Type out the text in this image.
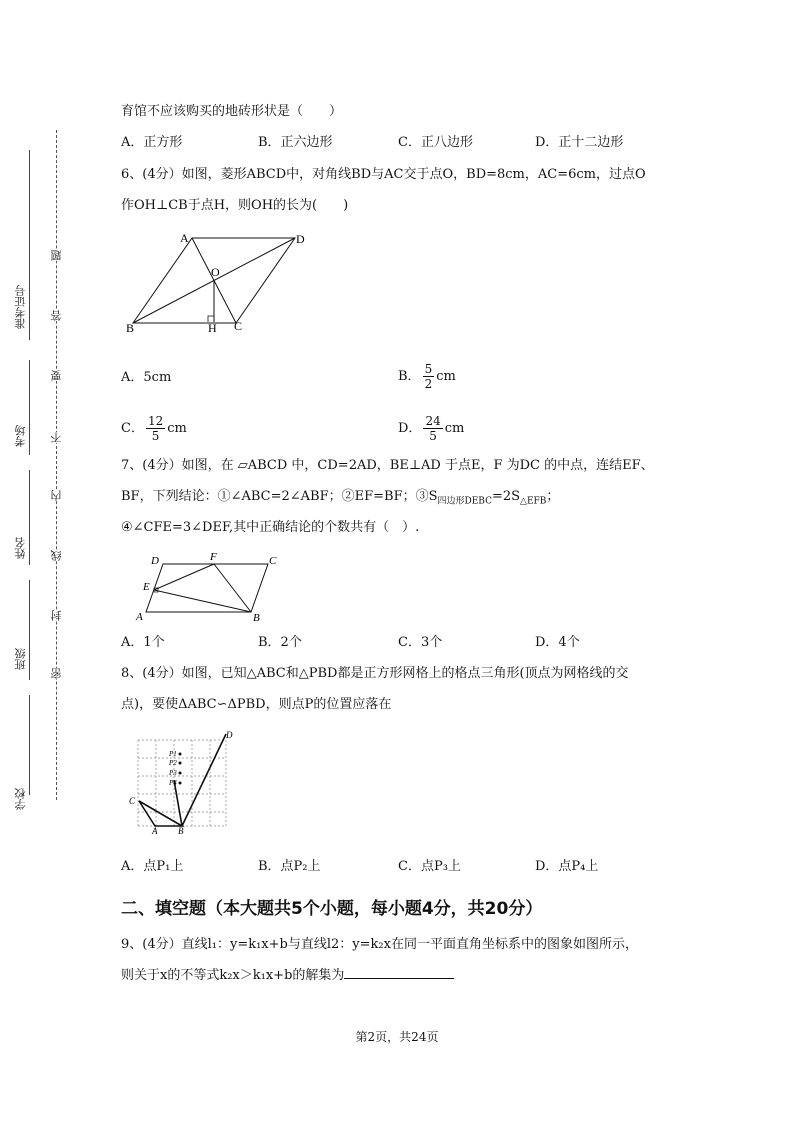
准考证号
考场
姓名
班级
学校
题
答
要
不
内
线
封
密
育馆不应该购买的地砖形状是（　　）
A．正方形	B．正六边形	C．正八边形	D．正十二边形
6、(4分）如图，菱形ABCD中，对角线BD与AC交于点O，BD=8cm，AC=6cm，过点O
作OH⊥CB于点H，则OH的长为(　　)
A	D
O
B	H C
A．5cm	B． $\frac{5}{2}$ cm
C． $\frac{12}{5}$ cm	D． $\frac{24}{5}$ cm
7、(4分）如图，在 ▱ABCD 中，CD=2AD，BE⊥AD 于点E，F 为DC 的中点，连结EF、
BF，下列结论：①∠ABC=2∠ABF；②EF=BF；$③S_{四边形DEBC}=2S_{\triangle EFB}$；
④∠CFE=3∠DEF,其中正确结论的个数共有（　）.
D	F	C
E
A	B
A．1个	B．2个	C．3个	D．4个
8、(4分）如图，已知△ABC和△PBD都是正方形网格上的格点三角形(顶点为网格线的交
点)，要使ΔABC∽ΔPBD，则点P的位置应落在
D
P1
P2
P3
P4
C
A B
A．点P₁上	B．点P₂上	C．点P₃上	D．点P₄上
二、填空题（本大题共5个小题，每小题4分，共20分）
9、(4分）直线l₁：y=k₁x+b与直线l2：y=k₂x在同一平面直角坐标系中的图象如图所示，
则关于x的不等式k₂x＞k₁x+b的解集为
第2页，共24页
